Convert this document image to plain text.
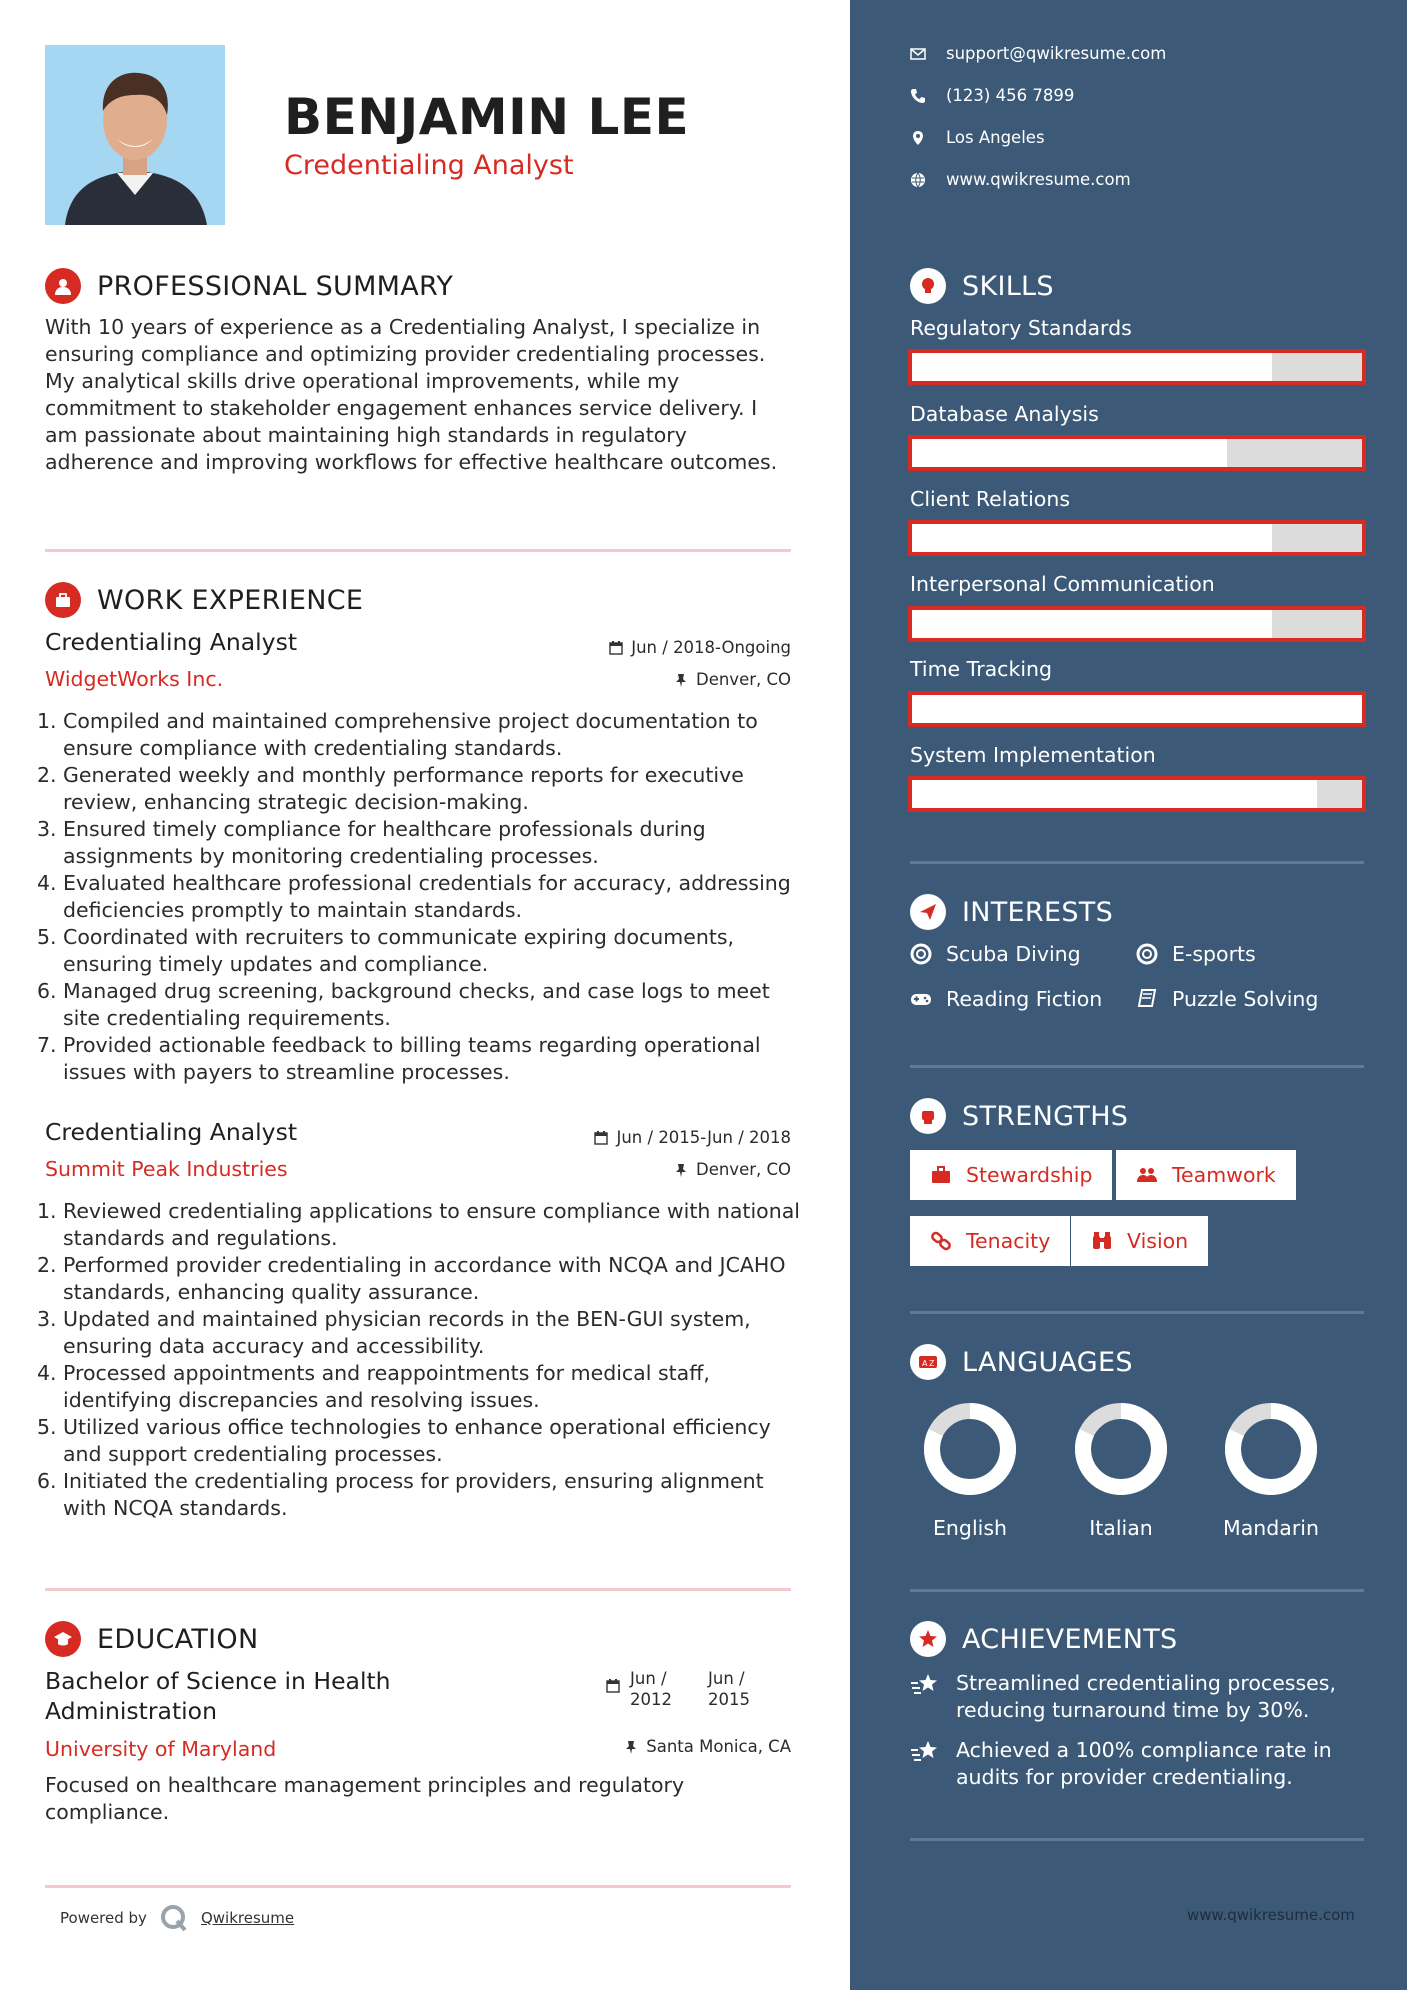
BENJAMIN LEE
Credentialing Analyst
PROFESSIONAL SUMMARY
With 10 years of experience as a Credentialing Analyst, I specialize in ensuring compliance and optimizing provider credentialing processes. My analytical skills drive operational improvements, while my commitment to stakeholder engagement enhances service delivery. I am passionate about maintaining high standards in regulatory adherence and improving workflows for effective healthcare outcomes.
WORK EXPERIENCE
Credentialing Analyst	Jun / 2018-Ongoing
WidgetWorks Inc.	Denver, CO
Compiled and maintained comprehensive project documentation to ensure compliance with credentialing standards.
Generated weekly and monthly performance reports for executive review, enhancing strategic decision-making.
Ensured timely compliance for healthcare professionals during assignments by monitoring credentialing processes.
Evaluated healthcare professional credentials for accuracy, addressing deficiencies promptly to maintain standards.
Coordinated with recruiters to communicate expiring documents, ensuring timely updates and compliance.
Managed drug screening, background checks, and case logs to meet site credentialing requirements.
Provided actionable feedback to billing teams regarding operational issues with payers to streamline processes.
Credentialing Analyst	Jun / 2015-Jun / 2018
Summit Peak Industries	Denver, CO
Reviewed credentialing applications to ensure compliance with national standards and regulations.
Performed provider credentialing in accordance with NCQA and JCAHO standards, enhancing quality assurance.
Updated and maintained physician records in the BEN-GUI system, ensuring data accuracy and accessibility.
Processed appointments and reappointments for medical staff, identifying discrepancies and resolving issues.
Utilized various office technologies to enhance operational efficiency and support credentialing processes.
Initiated the credentialing process for providers, ensuring alignment with NCQA standards.
EDUCATION
Bachelor of Science in Health
Administration
Jun /
2012
Jun /
2015
University of Maryland	Santa Monica, CA
Focused on healthcare management principles and regulatory compliance.
Powered by	Qwikresume
support@qwikresume.com
(123) 456 7899
Los Angeles
www.qwikresume.com
SKILLS
Regulatory Standards
Database Analysis
Client Relations
Interpersonal Communication
Time Tracking
System Implementation
INTERESTS
Scuba Diving	E-sports
Reading Fiction	Puzzle Solving
STRENGTHS
Stewardship	Teamwork
Tenacity	Vision
A Z LANGUAGES
English	Italian	Mandarin
ACHIEVEMENTS
Streamlined credentialing processes, reducing turnaround time by 30%.
Achieved a 100% compliance rate in audits for provider credentialing.
www.qwikresume.com
